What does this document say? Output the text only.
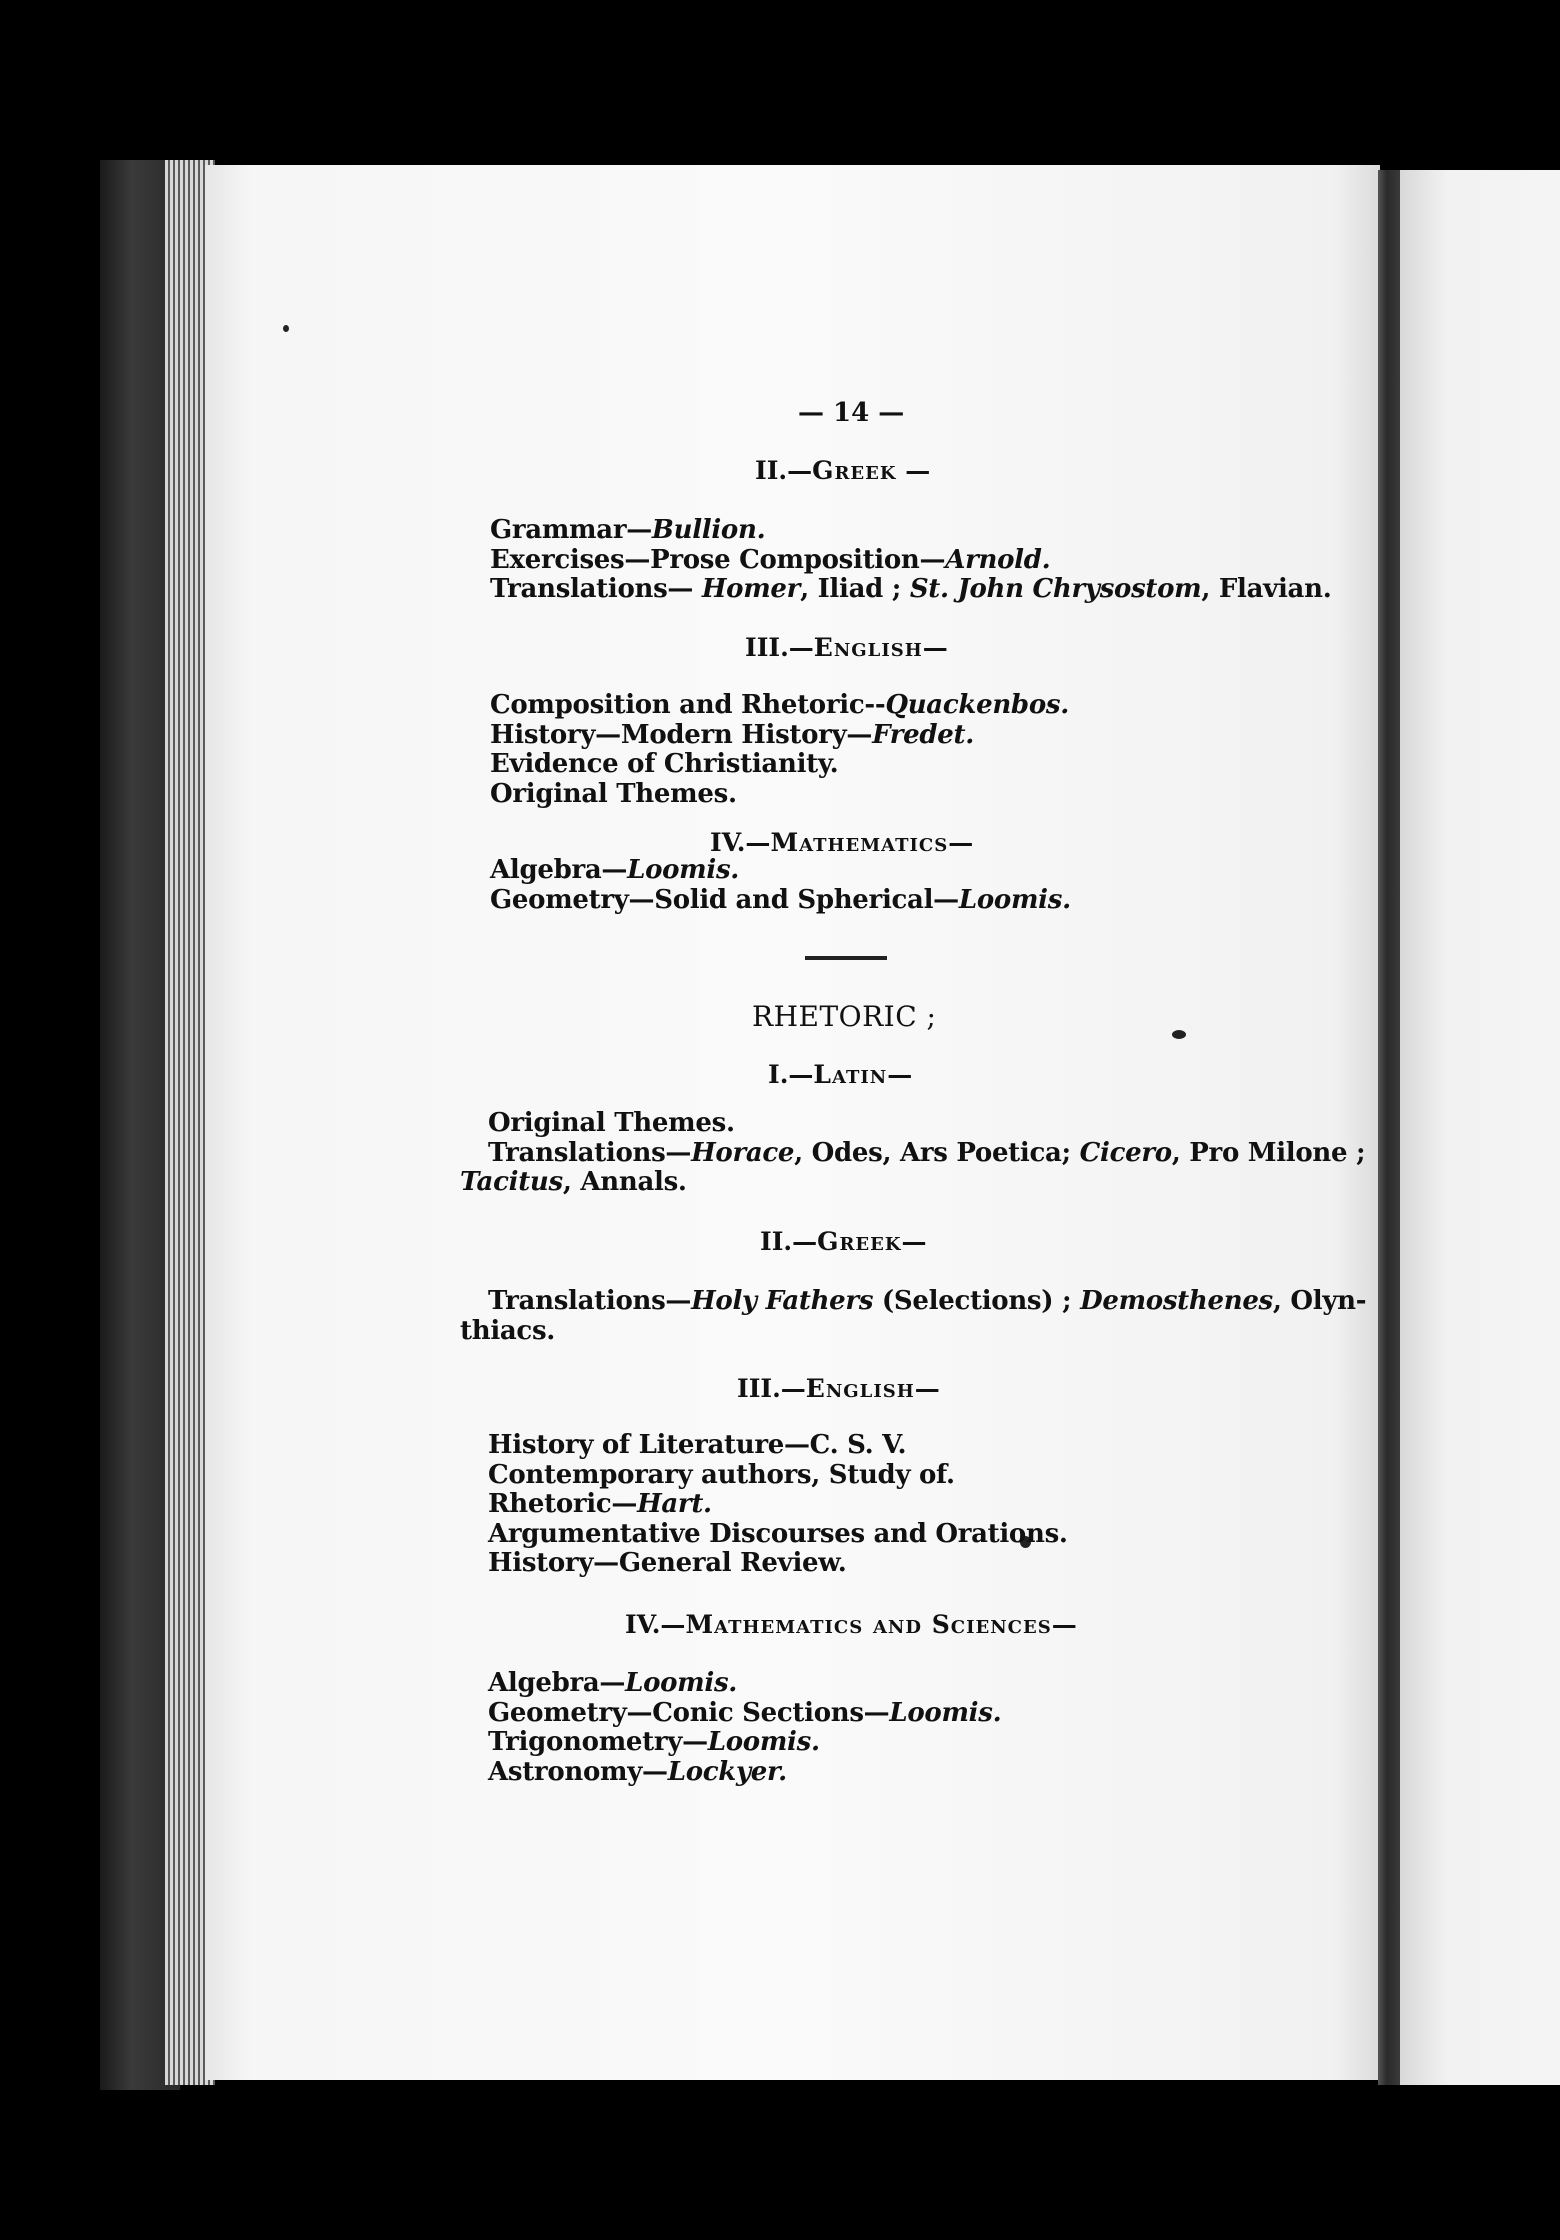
— 14 —
II.—Greek —
III.—English—
IV.—Mathematics—
RHETORIC ;
I.—Latin—
II.—Greek—
III.—English—
IV.—Mathematics and Sciences—
Grammar—Bullion.
Exercises—Prose Composition—Arnold.
Translations— Homer, Iliad ; St. John Chrysostom, Flavian.
Composition and Rhetoric--Quackenbos.
History—Modern History—Fredet.
Evidence of Christianity.
Original Themes.
Algebra—Loomis.
Geometry—Solid and Spherical—Loomis.
Original Themes.
Translations—Horace, Odes, Ars Poetica; Cicero, Pro Milone ;
Tacitus, Annals.
Translations—Holy Fathers (Selections) ; Demosthenes, Olyn-
thiacs.
History of Literature—C. S. V.
Contemporary authors, Study of.
Rhetoric—Hart.
Argumentative Discourses and Orations.
History—General Review.
Algebra—Loomis.
Geometry—Conic Sections—Loomis.
Trigonometry—Loomis.
Astronomy—Lockyer.
